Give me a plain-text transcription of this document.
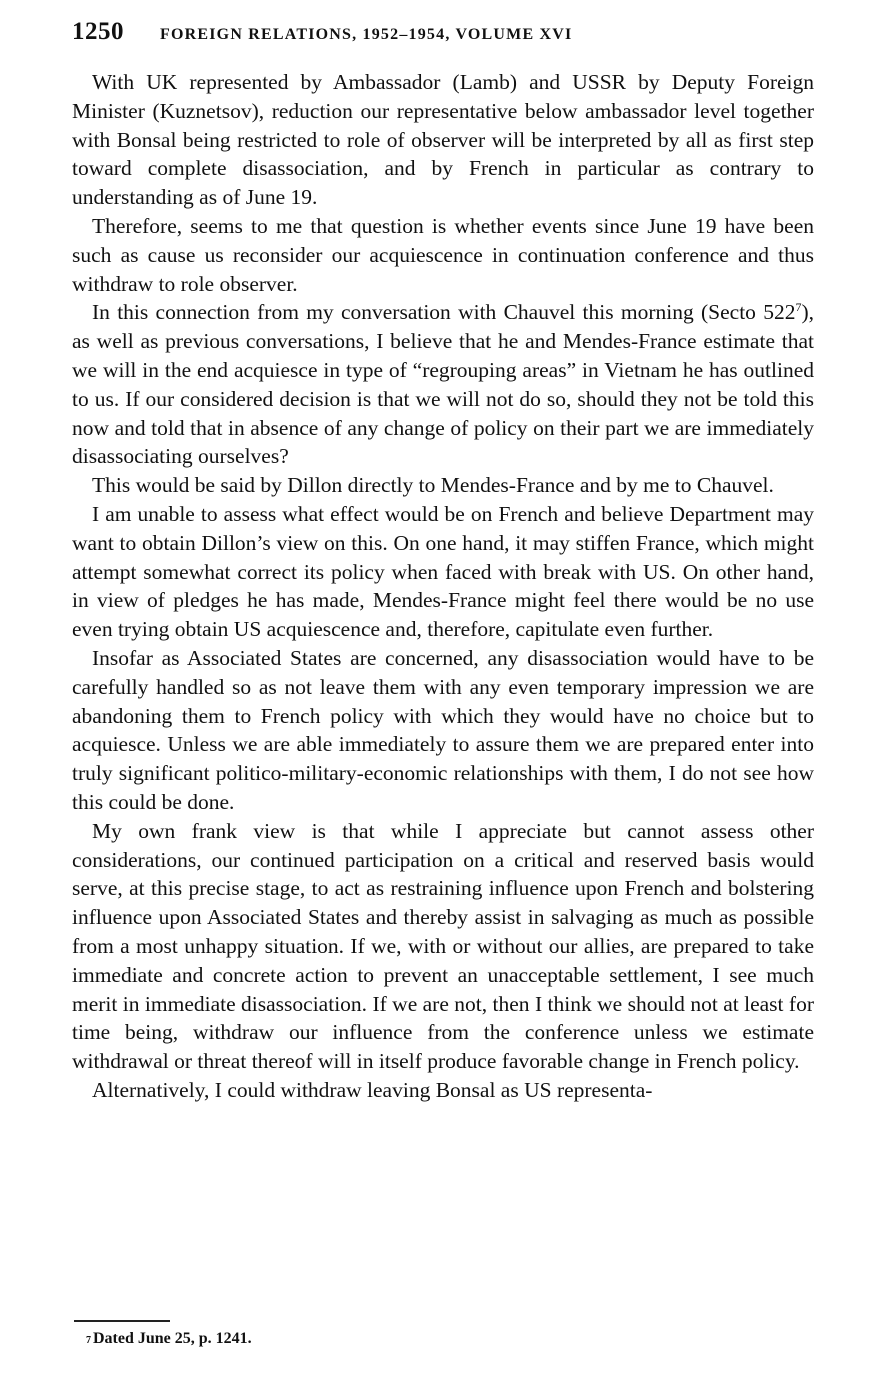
1250 FOREIGN RELATIONS, 1952–1954, VOLUME XVI

With UK represented by Ambassador (Lamb) and USSR by Deputy Foreign Minister (Kuznetsov), reduction our representative below ambassador level together with Bonsal being restricted to role of observer will be interpreted by all as first step toward complete disassociation, and by French in particular as contrary to understanding as of June 19.

Therefore, seems to me that question is whether events since June 19 have been such as cause us reconsider our acquiescence in continuation conference and thus withdraw to role observer.

In this connection from my conversation with Chauvel this morning (Secto 522$^7$), as well as previous conversations, I believe that he and Mendes-France estimate that we will in the end acquiesce in type of “regrouping areas” in Vietnam he has outlined to us. If our considered decision is that we will not do so, should they not be told this now and told that in absence of any change of policy on their part we are immediately disassociating ourselves?

This would be said by Dillon directly to Mendes-France and by me to Chauvel.

I am unable to assess what effect would be on French and believe Department may want to obtain Dillon’s view on this. On one hand, it may stiffen France, which might attempt somewhat correct its policy when faced with break with US. On other hand, in view of pledges he has made, Mendes-France might feel there would be no use even trying obtain US acquiescence and, therefore, capitulate even further.

Insofar as Associated States are concerned, any disassociation would have to be carefully handled so as not leave them with any even temporary impression we are abandoning them to French policy with which they would have no choice but to acquiesce. Unless we are able immediately to assure them we are prepared enter into truly significant politico-military-economic relationships with them, I do not see how this could be done.

My own frank view is that while I appreciate but cannot assess other considerations, our continued participation on a critical and reserved basis would serve, at this precise stage, to act as restraining influence upon French and bolstering influence upon Associated States and thereby assist in salvaging as much as possible from a most unhappy situation. If we, with or without our allies, are prepared to take immediate and concrete action to prevent an unacceptable settlement, I see much merit in immediate disassociation. If we are not, then I think we should not at least for time being, withdraw our influence from the conference unless we estimate withdrawal or threat thereof will in itself produce favorable change in French policy.

Alternatively, I could withdraw leaving Bonsal as US representa-

7 Dated June 25, p. 1241.
